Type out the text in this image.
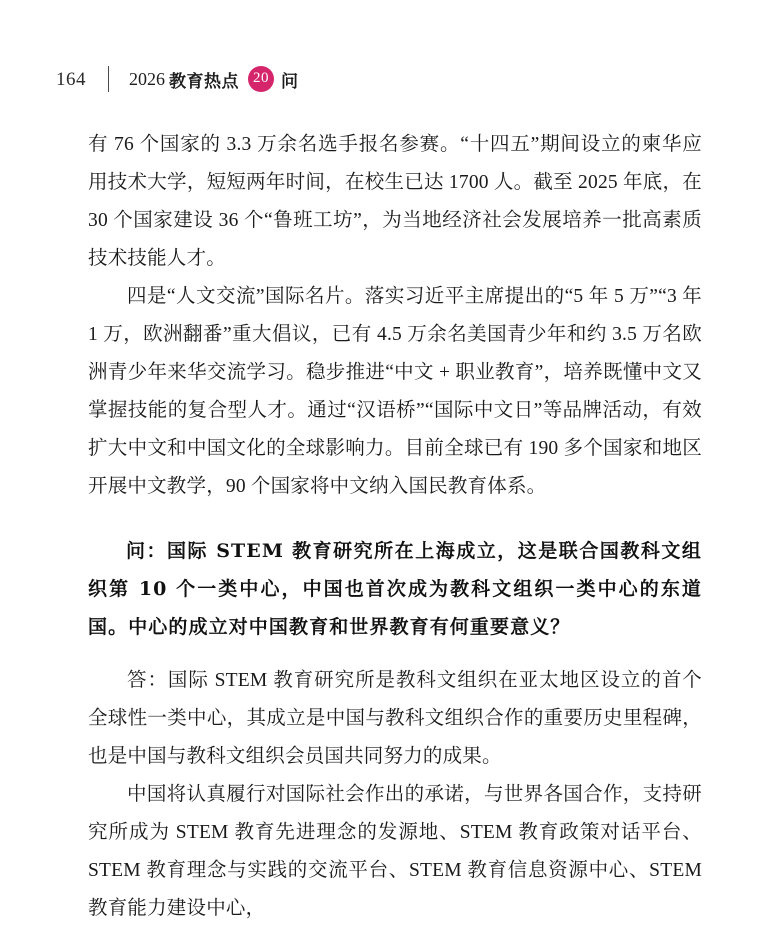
164 2026 教育热点 20 问

有 76 个国家的 3.3 万余名选手报名参赛。“十四五”期间设立的柬华应用技术大学，短短两年时间，在校生已达 1700 人。截至 2025 年底，在 30 个国家建设 36 个“鲁班工坊”，为当地经济社会发展培养一批高素质技术技能人才。

四是“人文交流”国际名片。落实习近平主席提出的“5 年 5 万”“3 年 1 万，欧洲翻番”重大倡议，已有 4.5 万余名美国青少年和约 3.5 万名欧洲青少年来华交流学习。稳步推进“中文 + 职业教育”，培养既懂中文又掌握技能的复合型人才。通过“汉语桥”“国际中文日”等品牌活动，有效扩大中文和中国文化的全球影响力。目前全球已有 190 多个国家和地区开展中文教学，90 个国家将中文纳入国民教育体系。

问：国际 STEM 教育研究所在上海成立，这是联合国教科文组织第 10 个一类中心，中国也首次成为教科文组织一类中心的东道国。中心的成立对中国教育和世界教育有何重要意义？

答：国际 STEM 教育研究所是教科文组织在亚太地区设立的首个全球性一类中心，其成立是中国与教科文组织合作的重要历史里程碑，也是中国与教科文组织会员国共同努力的成果。

中国将认真履行对国际社会作出的承诺，与世界各国合作，支持研究所成为 STEM 教育先进理念的发源地、STEM 教育政策对话平台、STEM 教育理念与实践的交流平台、STEM 教育信息资源中心、STEM 教育能力建设中心，
